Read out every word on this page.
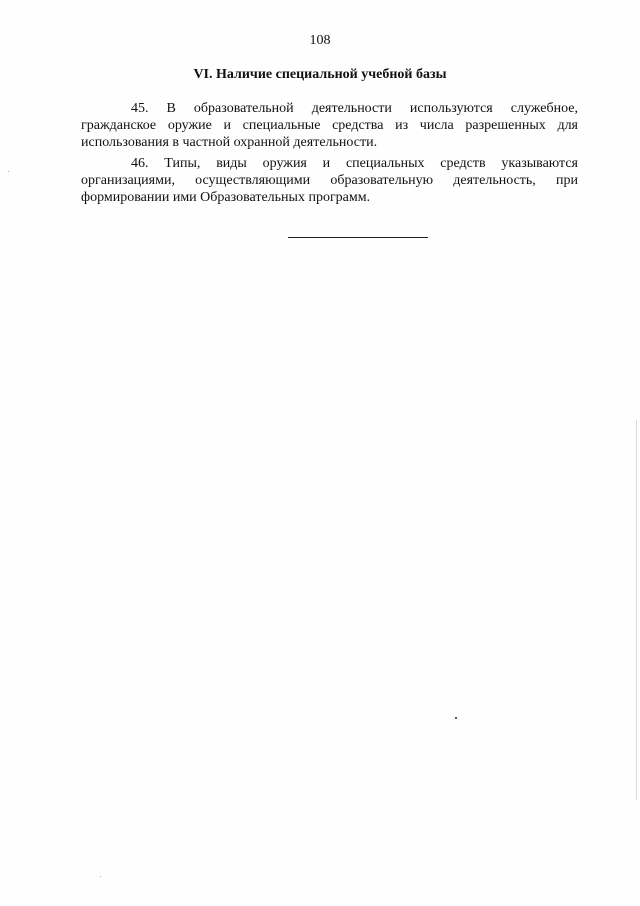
108
VI. Наличие специальной учебной базы

45. В образовательной деятельности используются служебное, гражданское оружие и специальные средства из числа разрешенных для использования в частной охранной деятельности.

46. Типы, виды оружия и специальных средств указываются организациями, осуществляющими образовательную деятельность, при формировании ими Образовательных программ.
